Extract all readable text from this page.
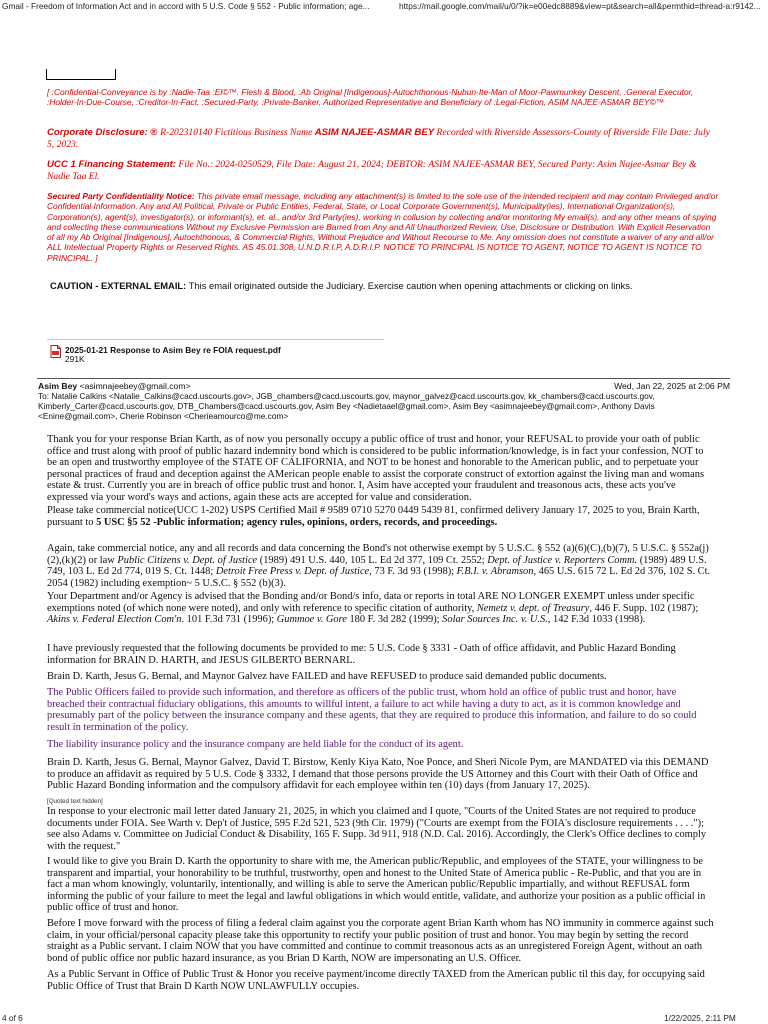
Gmail - Freedom of Information Act and in accord with 5 U.S. Code § 552 - Public information; age...	https://mail.google.com/mail/u/0/?ik=e00edc8889&view=pt&search=all&permthid=thread-a:r9142...
[ :Confidential-Conveyance is by :Nadie-Taa :El©™. Flesh & Blood, :Ab Original [Indigenous]-Autochthonous-Nubun-Ite-Man of Moor-Pawmunkey Descent, :General Executor, :Holder-In-Due-Course, :Creditor-In-Fact, :Secured-Party, :Private-Banker, Authorized Representative and Beneficiary of :Legal-Fiction, ASIM NAJEE-ASMAR BEY©™
Corporate Disclosure: ® R-202310140 Fictitious Business Name ASIM NAJEE-ASMAR BEY Recorded with Riverside Assessors-County of Riverside File Date: July 5, 2023.
UCC 1 Financing Statement: File No.: 2024-0250529, File Date: August 21, 2024; DEBTOR: ASIM NAJEE-ASMAR BEY, Secured Party: Asim Najee-Asmar Bey & Nadie Taa El.
Secured Party Confidentiality Notice: This private email message, including any attachment(s) is limited to the sole use of the intended recipient and may contain Privileged and/or Confidential Information. Any and All Political, Private or Public Entities, Federal, State, or Local Corporate Government(s), Municipality(ies), International Organization(s), Corporation(s), agent(s), investigator(s), or informant(s), et. al., and/or 3rd Party(ies), working in collusion by collecting and/or monitoring My email(s), and any other means of spying and collecting these communications Without my Exclusive Permission are Barred from Any and All Unauthorized Review, Use, Disclosure or Distribution. With Explicit Reservation of all my Ab Original [Indigenous], Autochthonous, & Commercial Rights, Without Prejudice and Without Recourse to Me. Any omission does not constitute a waiver of any and all/or ALL Intellectual Property Rights or Reserved Rights. AS 45.01.308, U.N.D.R.I.P, A.D.R.I.P. NOTICE TO PRINCIPAL IS NOTICE TO AGENT, NOTICE TO AGENT IS NOTICE TO PRINCIPAL. ]
CAUTION - EXTERNAL EMAIL: This email originated outside the Judiciary. Exercise caution when opening attachments or clicking on links.
2025-01-21 Response to Asim Bey re FOIA request.pdf
291K
Asim Bey <asimnajeebey@gmail.com>	Wed, Jan 22, 2025 at 2:06 PM
To: Natalie Calkins <Natalie_Calkins@cacd.uscourts.gov>, JGB_chambers@cacd.uscourts.gov, maynor_galvez@cacd.uscourts.gov, kk_chambers@cacd.uscourts.gov, Kimberly_Carter@cacd.uscourts.gov, DTB_Chambers@cacd.uscourts.gov, Asim Bey <Nadietaael@gmail.com>, Asim Bey <asimnajeebey@gmail.com>, Anthony Davis <Enine@gmail.com>, Cherie Robinson <Cherieamourco@me.com>
Thank you for your response Brian Karth, as of now you personally occupy a public office of trust and honor, your REFUSAL to provide your oath of public office and trust along with proof of public hazard indemnity bond which is considered to be public information/knowledge, is in fact your confession, NOT to be an open and trustworthy employee of the STATE OF CALIFORNIA, and NOT to be honest and honorable to the American public, and to perpetuate your personal practices of fraud and deception against the AMerican people enable to assist the corporate construct of extortion against the living man and womans estate & trust. Currently you are in breach of office public trust and honor. I, Asim have accepted your fraudulent and treasonous acts, these acts you've expressed via your word's ways and actions, again these acts are accepted for value and consideration.
Please take commercial notice(UCC 1-202) USPS Certified Mail # 9589 0710 5270 0449 5439 81, confirmed delivery January 17, 2025 to you, Brain Karth, pursuant to 5 USC §5 52 -Public information; agency rules, opinions, orders, records, and proceedings.
Again, take commercial notice, any and all records and data concerning the Bond's not otherwise exempt by 5 U.S.C. § 552 (a)(6)(C),(b)(7), 5 U.S.C. § 552a(j)(2),(k)(2) or law Public Citizens v. Dept. of Justice (1989) 491 U.S. 440, 105 L. Ed 2d 377, 109 Ct. 2552; Dept. of Justice v. Reporters Comm. (1989) 489 U.S. 749, 103 L. Ed 2d 774, 019 S. Ct. 1448; Detroit Free Press v. Dept. of Justice, 73 F. 3d 93 (1998); F.B.I. v. Abramson, 465 U.S. 615 72 L. Ed 2d 376, 102 S. Ct. 2054 (1982) including exemption~ 5 U.S.C. § 552 (b)(3).
Your Department and/or Agency is advised that the Bonding and/or Bond/s info, data or reports in total ARE NO LONGER EXEMPT unless under specific exemptions noted (of which none were noted), and only with reference to specific citation of authority, Nemetz v. dept. of Treasury, 446 F. Supp. 102 (1987); Akins v. Federal Election Com'n. 101 F.3d 731 (1996); Gummoe v. Gore 180 F. 3d 282 (1999); Solar Sources Inc. v. U.S., 142 F.3d 1033 (1998).
I have previously requested that the following documents be provided to me: 5 U.S. Code § 3331 - Oath of office affidavit, and Public Hazard Bonding information for BRAIN D. HARTH, and JESUS GILBERTO BERNARL.
Brain D. Karth, Jesus G. Bernal, and Maynor Galvez have FAILED and have REFUSED to produce said demanded public documents.
The Public Officers failed to provide such information, and therefore as officers of the public trust, whom hold an office of public trust and honor, have breached their contractual fiduciary obligations, this amounts to willful intent, a failure to act while having a duty to act, as it is common knowledge and presumably part of the policy between the insurance company and these agents, that they are required to produce this information, and failure to do so could result in termination of the policy.
The liability insurance policy and the insurance company are held liable for the conduct of its agent.
Brain D. Karth, Jesus G. Bernal, Maynor Galvez, David T. Birstow, Kenly Kiya Kato, Noe Ponce, and Sheri Nicole Pym, are MANDATED via this DEMAND to produce an affidavit as required by 5 U.S. Code § 3332, I demand that those persons provide the US Attorney and this Court with their Oath of Office and Public Hazard Bonding information and the compulsory affidavit for each employee within ten (10) days (from January 17, 2025).
[Quoted text hidden]
In response to your electronic mail letter dated January 21, 2025, in which you claimed and I quote, "Courts of the United States are not required to produce documents under FOIA. See Warth v. Dep't of Justice, 595 F.2d 521, 523 (9th Cir. 1979) ("Courts are exempt from the FOIA's disclosure requirements . . . ."); see also Adams v. Committee on Judicial Conduct & Disability, 165 F. Supp. 3d 911, 918 (N.D. Cal. 2016). Accordingly, the Clerk's Office declines to comply with the request."
I would like to give you Brain D. Karth the opportunity to share with me, the American public/Republic, and employees of the STATE, your willingness to be transparent and impartial, your honorability to be truthful, trustworthy, open and honest to the United State of America public - Re-Public, and that you are in fact a man whom knowingly, voluntarily, intentionally, and willing is able to serve the American public/Republic impartially, and without REFUSAL form informing the public of your failure to meet the legal and lawful obligations in which would entitle, validate, and authorize your position as a public official in public office of trust and honor.
Before I move forward with the process of filing a federal claim against you the corporate agent Brian Karth whom has NO immunity in commerce against such claim, in your official/personal capacity please take this opportunity to rectify your public position of trust and honor. You may begin by setting the record straight as a Public servant. I claim NOW that you have committed and continue to commit treasonous acts as an unregistered Foreign Agent, without an oath bond of public office nor public hazard insurance, as you Brian D Karth, NOW are impersonating an U.S. Officer.
As a Public Servant in Office of Public Trust & Honor you receive payment/income directly TAXED from the American public til this day, for occupying said Public Office of Trust that Brain D Karth NOW UNLAWFULLY occupies.
4 of 6	1/22/2025, 2:11 PM
